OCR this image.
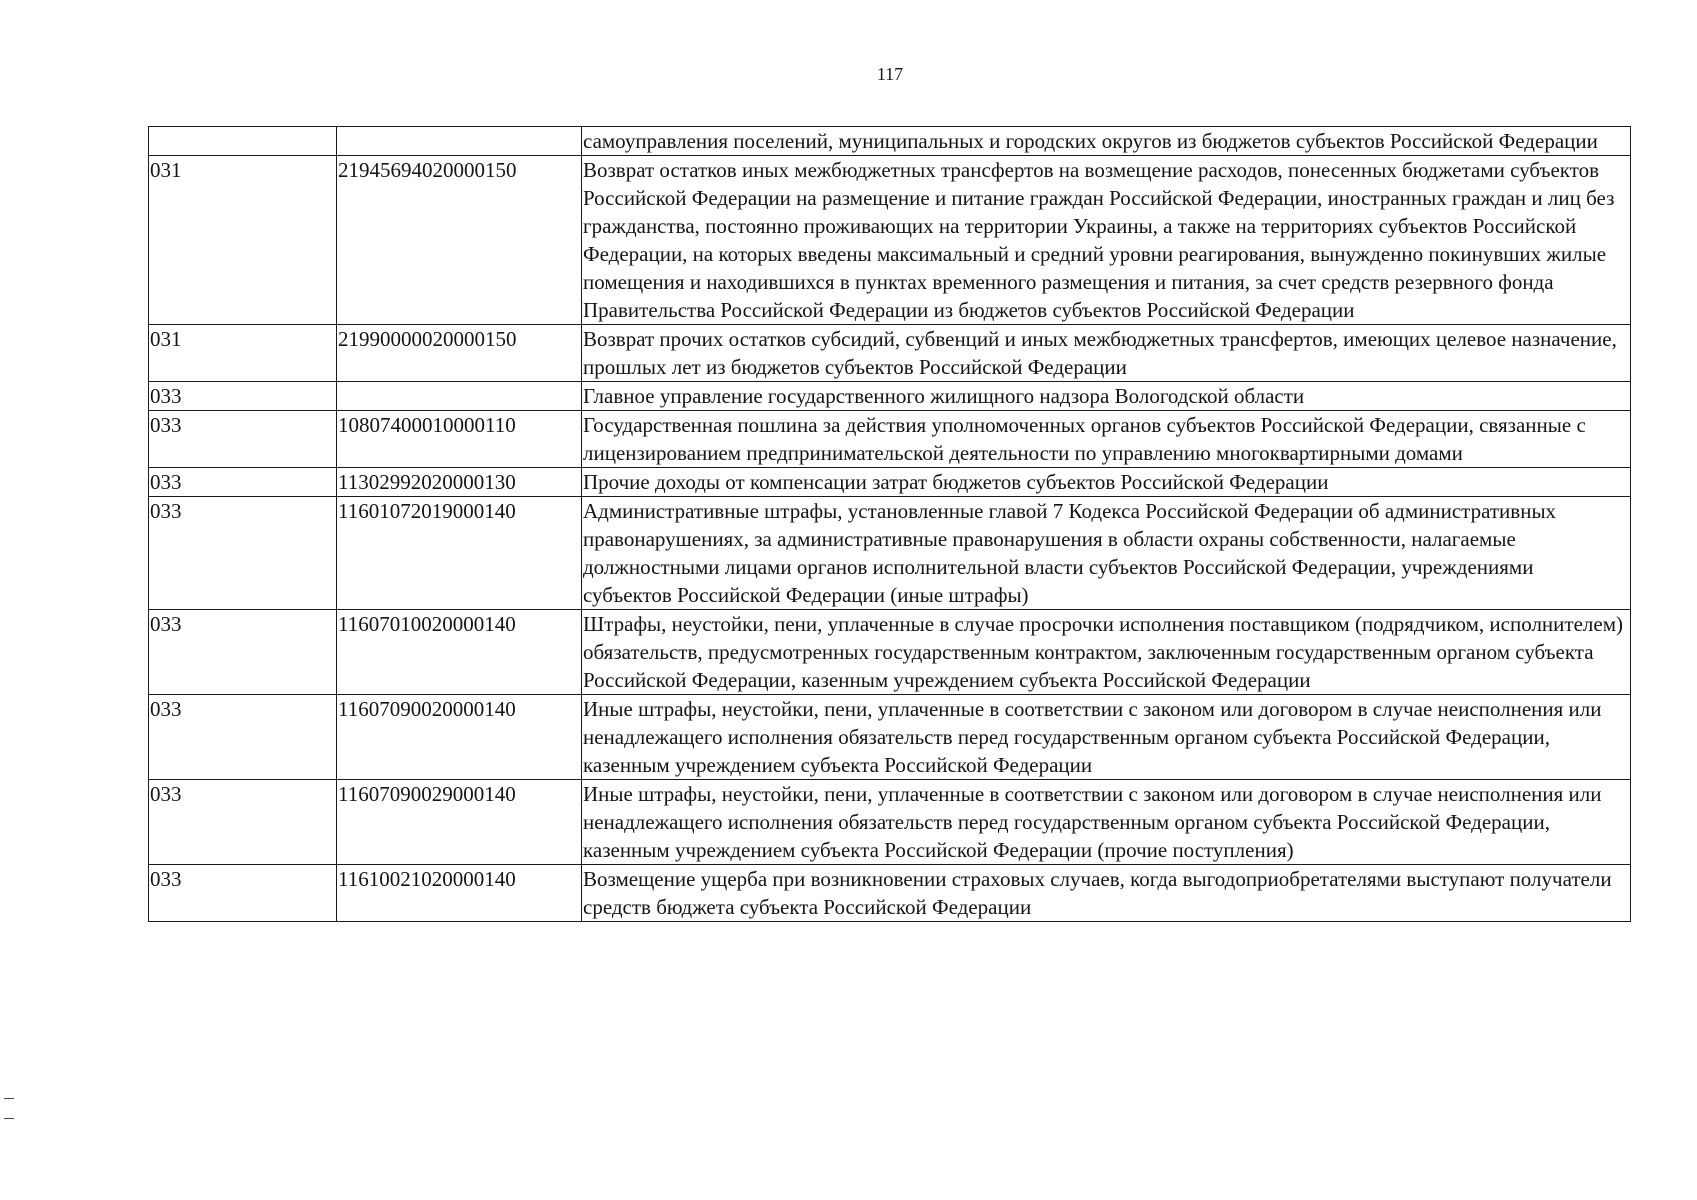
117
		самоуправления поселений, муниципальных и городских округов из бюджетов субъектов Российской Федерации
031	21945694020000150	Возврат остатков иных межбюджетных трансфертов на возмещение расходов, понесенных бюджетами субъектов Российской Федерации на размещение и питание граждан Российской Федерации, иностранных граждан и лиц без гражданства, постоянно проживающих на территории Украины, а также на территориях субъектов Российской Федерации, на которых введены максимальный и средний уровни реагирования, вынужденно покинувших жилые помещения и находившихся в пунктах временного размещения и питания, за счет средств резервного фонда Правительства Российской Федерации из бюджетов субъектов Российской Федерации
031	21990000020000150	Возврат прочих остатков субсидий, субвенций и иных межбюджетных трансфертов, имеющих целевое назначение, прошлых лет из бюджетов субъектов Российской Федерации
033		Главное управление государственного жилищного надзора Вологодской области
033	10807400010000110	Государственная пошлина за действия уполномоченных органов субъектов Российской Федерации, связанные с лицензированием предпринимательской деятельности по управлению многоквартирными домами
033	11302992020000130	Прочие доходы от компенсации затрат бюджетов субъектов Российской Федерации
033	11601072019000140	Административные штрафы, установленные главой 7 Кодекса Российской Федерации об административных правонарушениях, за административные правонарушения в области охраны собственности, налагаемые должностными лицами органов исполнительной власти субъектов Российской Федерации, учреждениями субъектов Российской Федерации (иные штрафы)
033	11607010020000140	Штрафы, неустойки, пени, уплаченные в случае просрочки исполнения поставщиком (подрядчиком, исполнителем) обязательств, предусмотренных государственным контрактом, заключенным государственным органом субъекта Российской Федерации, казенным учреждением субъекта Российской Федерации
033	11607090020000140	Иные штрафы, неустойки, пени, уплаченные в соответствии с законом или договором в случае неисполнения или ненадлежащего исполнения обязательств перед государственным органом субъекта Российской Федерации, казенным учреждением субъекта Российской Федерации
033	11607090029000140	Иные штрафы, неустойки, пени, уплаченные в соответствии с законом или договором в случае неисполнения или ненадлежащего исполнения обязательств перед государственным органом субъекта Российской Федерации, казенным учреждением субъекта Российской Федерации (прочие поступления)
033	11610021020000140	Возмещение ущерба при возникновении страховых случаев, когда выгодоприобретателями выступают получатели средств бюджета субъекта Российской Федерации
